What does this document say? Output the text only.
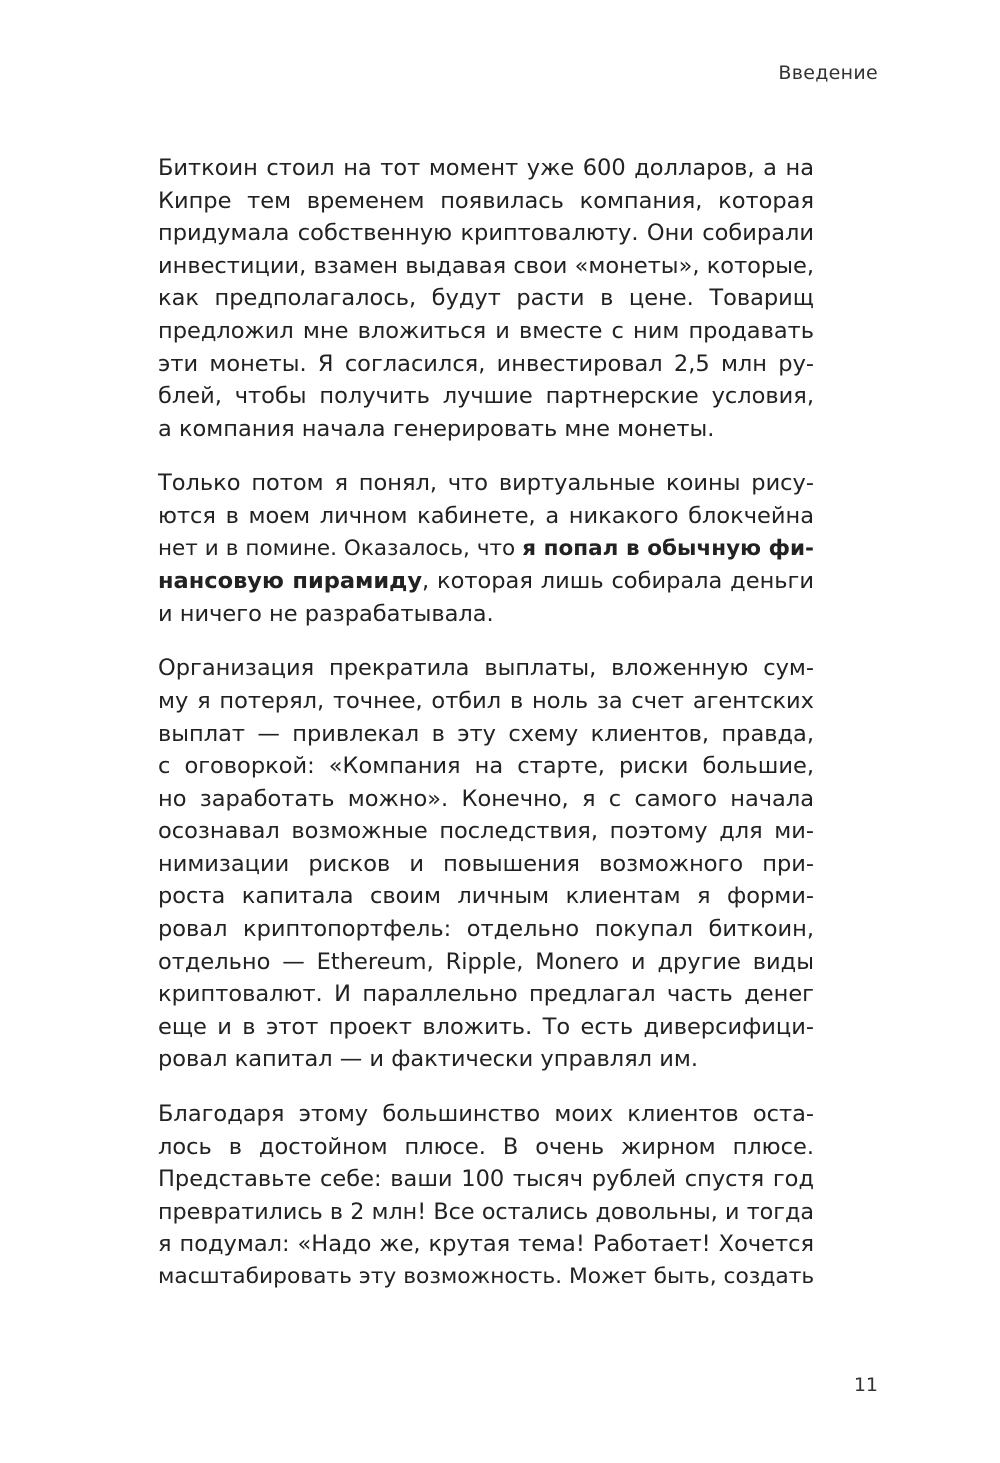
Введение
Биткоин стоил на тот момент уже 600 долларов, а на
Кипре тем временем появилась компания, которая
придумала собственную криптовалюту. Они собирали
инвестиции, взамен выдавая свои «монеты», которые,
как предполагалось, будут расти в цене. Товарищ
предложил мне вложиться и вместе с ним продавать
эти монеты. Я согласился, инвестировал 2,5 млн ру-
блей, чтобы получить лучшие партнерские условия,
а компания начала генерировать мне монеты.
Только потом я понял, что виртуальные коины рису-
ются в моем личном кабинете, а никакого блокчейна
нет и в помине. Оказалось, что я попал в обычную фи-
нансовую пирамиду, которая лишь собирала деньги
и ничего не разрабатывала.
Организация прекратила выплаты, вложенную сум-
му я потерял, точнее, отбил в ноль за счет агентских
выплат — привлекал в эту схему клиентов, правда,
с оговоркой: «Компания на старте, риски большие,
но заработать можно». Конечно, я с самого начала
осознавал возможные последствия, поэтому для ми-
нимизации рисков и повышения возможного при-
роста капитала своим личным клиентам я форми-
ровал криптопортфель: отдельно покупал биткоин,
отдельно — Ethereum, Ripple, Monero и другие виды
криптовалют. И параллельно предлагал часть денег
еще и в этот проект вложить. То есть диверсифици-
ровал капитал — и фактически управлял им.
Благодаря этому большинство моих клиентов оста-
лось в достойном плюсе. В очень жирном плюсе.
Представьте себе: ваши 100 тысяч рублей спустя год
превратились в 2 млн! Все остались довольны, и тогда
я подумал: «Надо же, крутая тема! Работает! Хочется
масштабировать эту возможность. Может быть, создать
11
